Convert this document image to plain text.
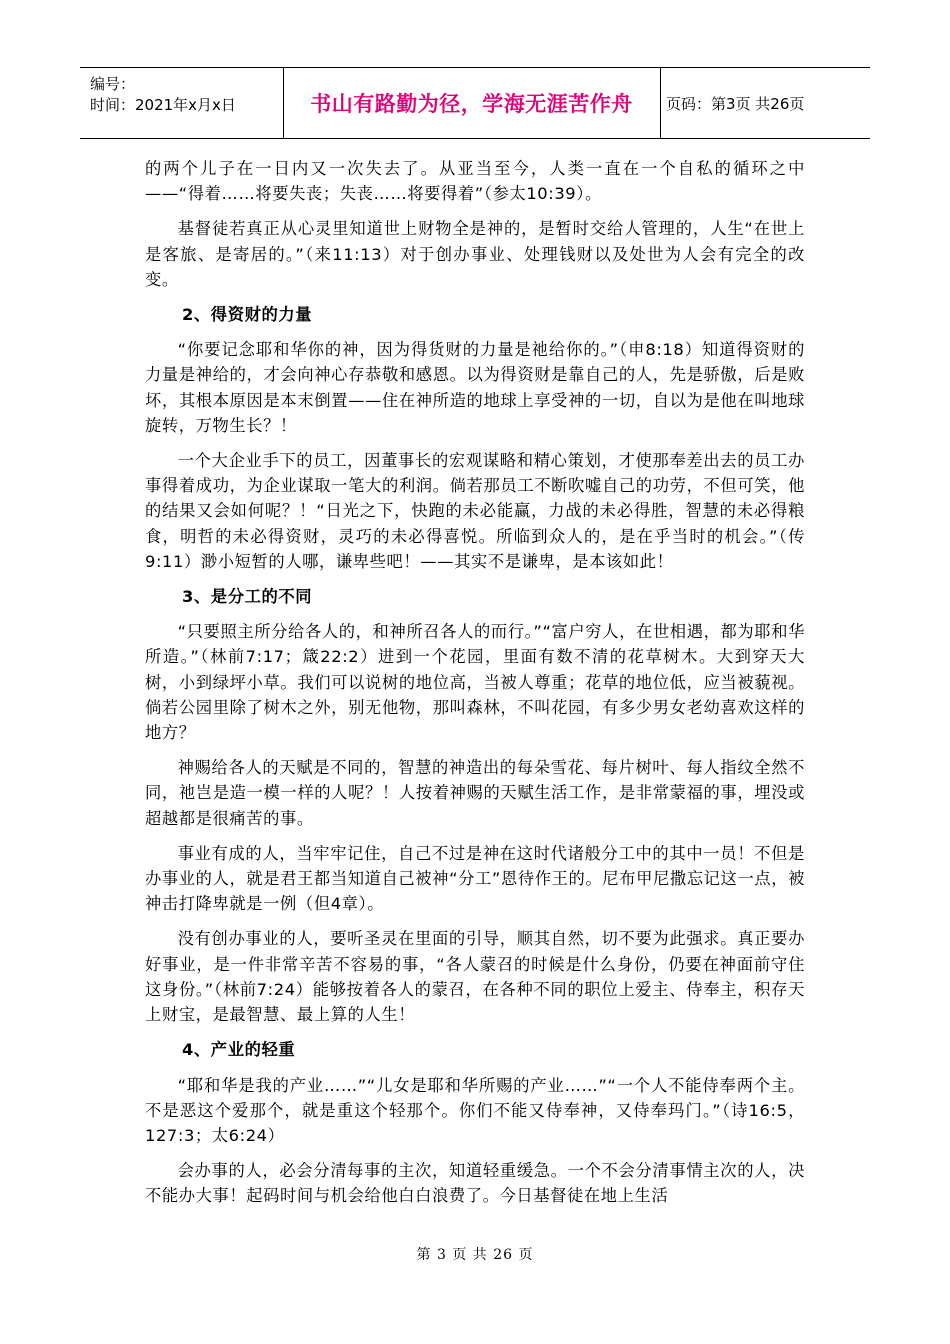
编号：
时间：2021年x月x日	书山有路勤为径，学海无涯苦作舟	页码：第3页 共26页

的两个儿子在一日内又一次失去了。从亚当至今，人类一直在一个自私的循环之中——“得着……将要失丧；失丧……将要得着”（参太10:39）。

基督徒若真正从心灵里知道世上财物全是神的，是暂时交给人管理的，人生“在世上是客旅、是寄居的。”（来11:13）对于创办事业、处理钱财以及处世为人会有完全的改变。

2、得资财的力量

“你要记念耶和华你的神，因为得货财的力量是祂给你的。”（申8:18）知道得资财的力量是神给的，才会向神心存恭敬和感恩。以为得资财是靠自己的人，先是骄傲，后是败坏，其根本原因是本末倒置——住在神所造的地球上享受神的一切，自以为是他在叫地球旋转，万物生长？！

一个大企业手下的员工，因董事长的宏观谋略和精心策划，才使那奉差出去的员工办事得着成功，为企业谋取一笔大的利润。倘若那员工不断吹嘘自己的功劳，不但可笑，他的结果又会如何呢？！“日光之下，快跑的未必能赢，力战的未必得胜，智慧的未必得粮食，明哲的未必得资财，灵巧的未必得喜悦。所临到众人的，是在乎当时的机会。”（传9:11）渺小短暂的人哪，谦卑些吧！——其实不是谦卑，是本该如此！

3、是分工的不同

“只要照主所分给各人的，和神所召各人的而行。”“富户穷人，在世相遇，都为耶和华所造。”（林前7:17；箴22:2）进到一个花园，里面有数不清的花草树木。大到穿天大树，小到绿坪小草。我们可以说树的地位高，当被人尊重；花草的地位低，应当被藐视。倘若公园里除了树木之外，别无他物，那叫森林，不叫花园，有多少男女老幼喜欢这样的地方？

神赐给各人的天赋是不同的，智慧的神造出的每朵雪花、每片树叶、每人指纹全然不同，祂岂是造一模一样的人呢？！人按着神赐的天赋生活工作，是非常蒙福的事，埋没或超越都是很痛苦的事。

事业有成的人，当牢牢记住，自己不过是神在这时代诸般分工中的其中一员！不但是办事业的人，就是君王都当知道自己被神“分工”恩待作王的。尼布甲尼撒忘记这一点，被神击打降卑就是一例（但4章）。

没有创办事业的人，要听圣灵在里面的引导，顺其自然，切不要为此强求。真正要办好事业，是一件非常辛苦不容易的事，“各人蒙召的时候是什么身份，仍要在神面前守住这身份。”（林前7:24）能够按着各人的蒙召，在各种不同的职位上爱主、侍奉主，积存天上财宝，是最智慧、最上算的人生！

4、产业的轻重

“耶和华是我的产业……”“儿女是耶和华所赐的产业……”“一个人不能侍奉两个主。不是恶这个爱那个，就是重这个轻那个。你们不能又侍奉神，又侍奉玛门。”（诗16:5，127:3；太6:24）

会办事的人，必会分清每事的主次，知道轻重缓急。一个不会分清事情主次的人，决不能办大事！起码时间与机会给他白白浪费了。今日基督徒在地上生活

第 3 页 共 26 页
